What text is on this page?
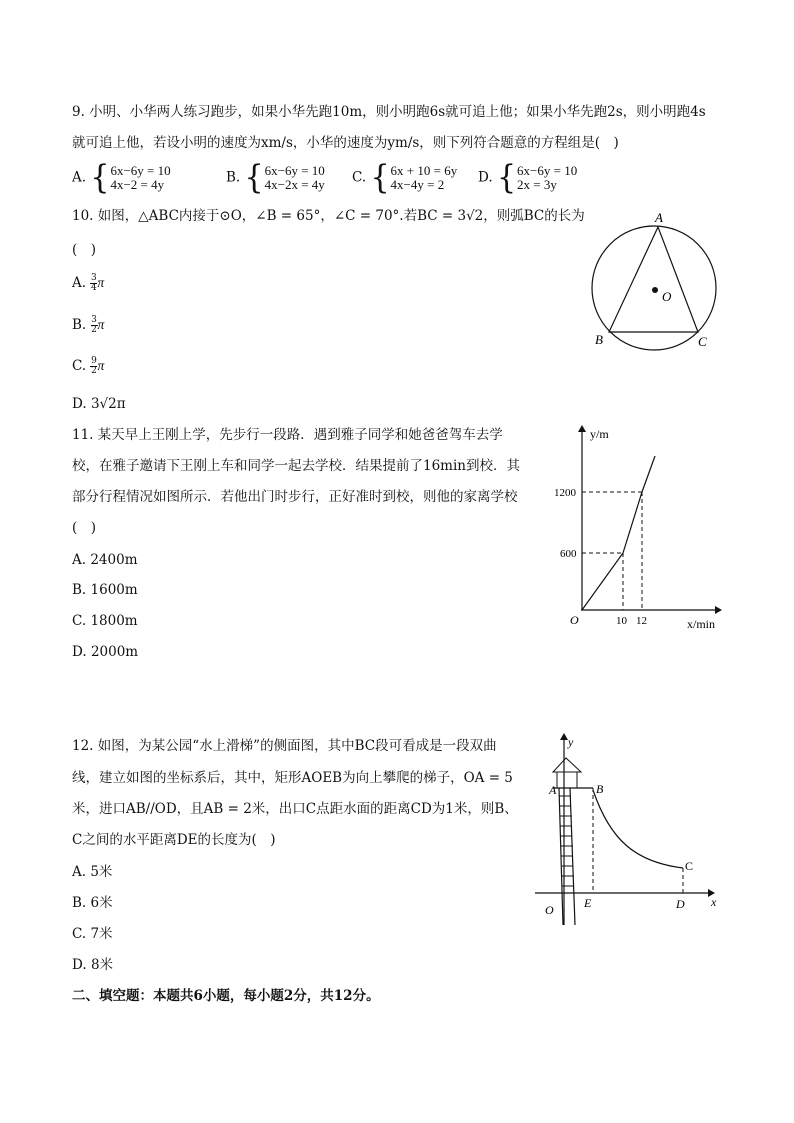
9. 小明、小华两人练习跑步，如果小华先跑10m，则小明跑6s就可追上他；如果小华先跑2s，则小明跑4s
就可追上他，若设小明的速度为xm/s，小华的速度为ym/s，则下列符合题意的方程组是(　)
A. { 6x−6y = 10
4x−2 = 4y	B. { 6x−6y = 10
4x−2x = 4y C. { 6x + 10 = 6y
4x−4y = 2	D. { 6x−6y = 10
2x = 3y
10. 如图，△ABC内接于⊙O，∠B = 65°，∠C = 70°.若BC = 3√2，则弧BC的长为
(　)
A. $\frac{3}{4}$ π
B. $\frac{3}{2}$ π
C. $\frac{9}{2}$ π
D. 3√2π
A
B	C
O
11. 某天早上王刚上学，先步行一段路．遇到雅子同学和她爸爸驾车去学
校，在雅子邀请下王刚上车和同学一起去学校．结果提前了16min到校．其
部分行程情况如图所示．若他出门时步行，正好准时到校，则他的家离学校
(　)
A. 2400m
B. 1600m
C. 1800m
D. 2000m
y/m
x/min
O
600
1200
10 12
12. 如图，为某公园“水上滑梯”的侧面图，其中BC段可看成是一段双曲
线，建立如图的坐标系后，其中，矩形AOEB为向上攀爬的梯子，OA = 5
米，进口AB//OD，且AB = 2米，出口C点距水面的距离CD为1米，则B、
C之间的水平距离DE的长度为(　)
A. 5米
B. 6米
C. 7米
D. 8米
y
x
A	B
C
O	E	D
二、填空题：本题共6小题，每小题2分，共12分。
